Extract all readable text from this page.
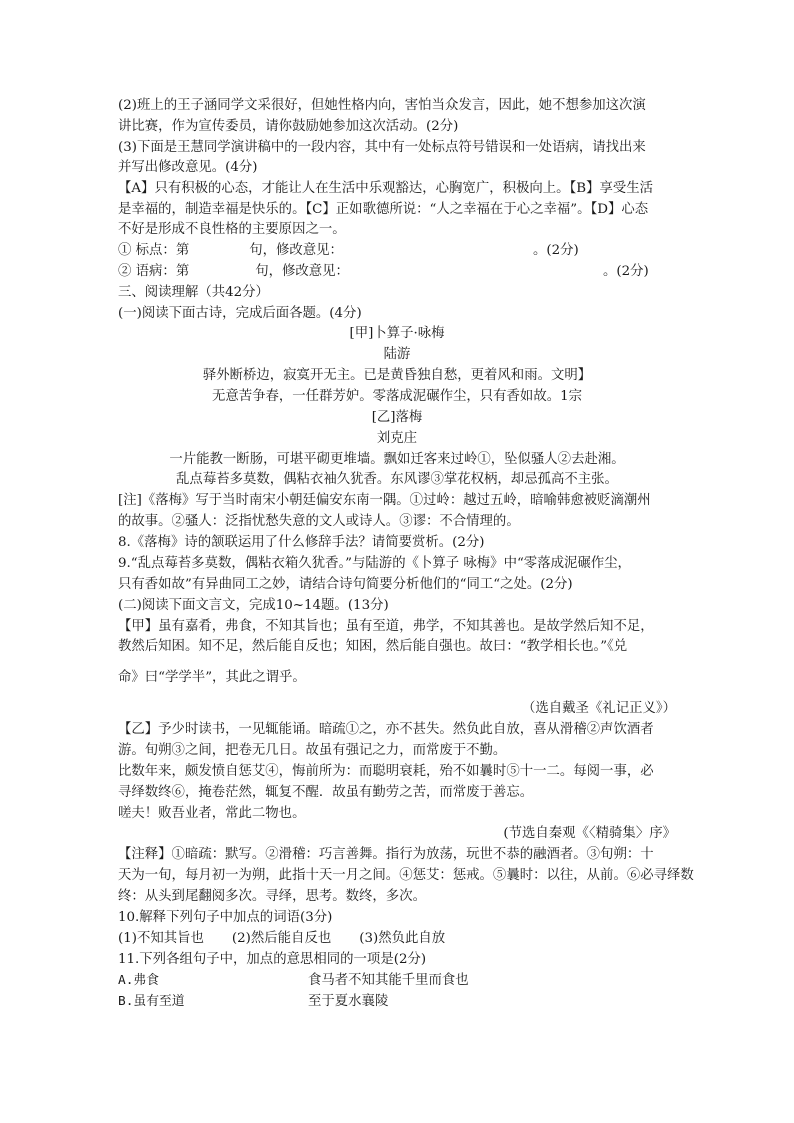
(2)班上的王子涵同学文采很好，但她性格内向，害怕当众发言，因此，她不想参加这次演
讲比赛，作为宣传委员，请你鼓励她参加这次活动。(2分)
(3)下面是王慧同学演讲稿中的一段内容，其中有一处标点符号错误和一处语病，请找出来
并写出修改意见。(4分)
【A】只有积极的心态，才能让人在生活中乐观豁达，心胸宽广，积极向上。【B】享受生活
是幸福的，制造幸福是快乐的。【C】正如歌德所说：“人之幸福在于心之幸福”。【D】心态
不好是形成不良性格的主要原因之一。
① 标点：第	句，修改意见：	。(2分)
② 语病：第	句，修改意见：	。(2分)
三、阅读理解（共42分）
(一)阅读下面古诗，完成后面各题。(4分)
[甲]卜算子·咏梅
陆游
驿外断桥边，寂寞开无主。已是黄昏独自愁，更着风和雨。文明】
无意苦争春，一任群芳妒。零落成泥碾作尘，只有香如故。1宗
[乙]落梅
刘克庄
一片能教一断肠，可堪平砌更堆墙。飘如迁客来过岭①，坠似骚人②去赴湘。
乱点莓苔多莫数，偶粘衣袖久犹香。东风谬③掌花权柄，却忌孤高不主张。
[注]《落梅》写于当时南宋小朝廷偏安东南一隅。①过岭：越过五岭，暗喻韩愈被贬滴潮州
的故事。②骚人：泛指忧愁失意的文人或诗人。③谬：不合情理的。
8.《落梅》诗的颔联运用了什么修辞手法？请简要赏析。(2分)
9.“乱点莓苔多莫数，偶粘衣箱久犹香。”与陆游的《卜算子 咏梅》中“零落成泥碾作尘，
只有香如故”有异曲同工之妙，请结合诗句简要分析他们的“同工“之处。(2分)
(二)阅读下面文言文，完成10~14题。(13分)
【甲】虽有嘉肴，弗食，不知其旨也；虽有至道，弗学，不知其善也。是故学然后知不足，
教然后知困。知不足，然后能自反也；知困，然后能自强也。故曰：“教学相长也。”《兑
命》曰“学学半”，其此之谓乎。
（选自戴圣《礼记正义》）
【乙】予少时读书，一见辄能诵。暗疏①之，亦不甚失。然负此自放，喜从滑稽②声饮酒者
游。旬朔③之间，把卷无几日。故虽有强记之力，而常废于不勤。
比数年来，颇发愤自惩艾④，悔前所为：而聪明衰耗，殆不如曩时⑤十一二。每阅一事，必
寻绎数终⑥，掩卷茫然，辄复不醒．故虽有勤劳之苦，而常废于善忘。
嗟夫！败吾业者，常此二物也。
(节选自秦观《〈精骑集〉序》
【注释】①暗疏：默写。②滑稽：巧言善舞。指行为放荡，玩世不恭的融酒者。③旬朔：十
天为一旬，每月初一为朔，此指十天一月之间。④惩艾：惩戒。⑤曩时：以往，从前。⑥必寻绎数
终：从头到尾翻阅多次。寻绎，思考。数终，多次。
10.解释下列句子中加点的词语(3分)
(1)不知其旨也 (2)然后能自反也 (3)然负此自放
11.下列各组句子中，加点的意思相同的一项是(2分)
A.弗食	食马者不知其能千里而食也
B.虽有至道	至于夏水襄陵
